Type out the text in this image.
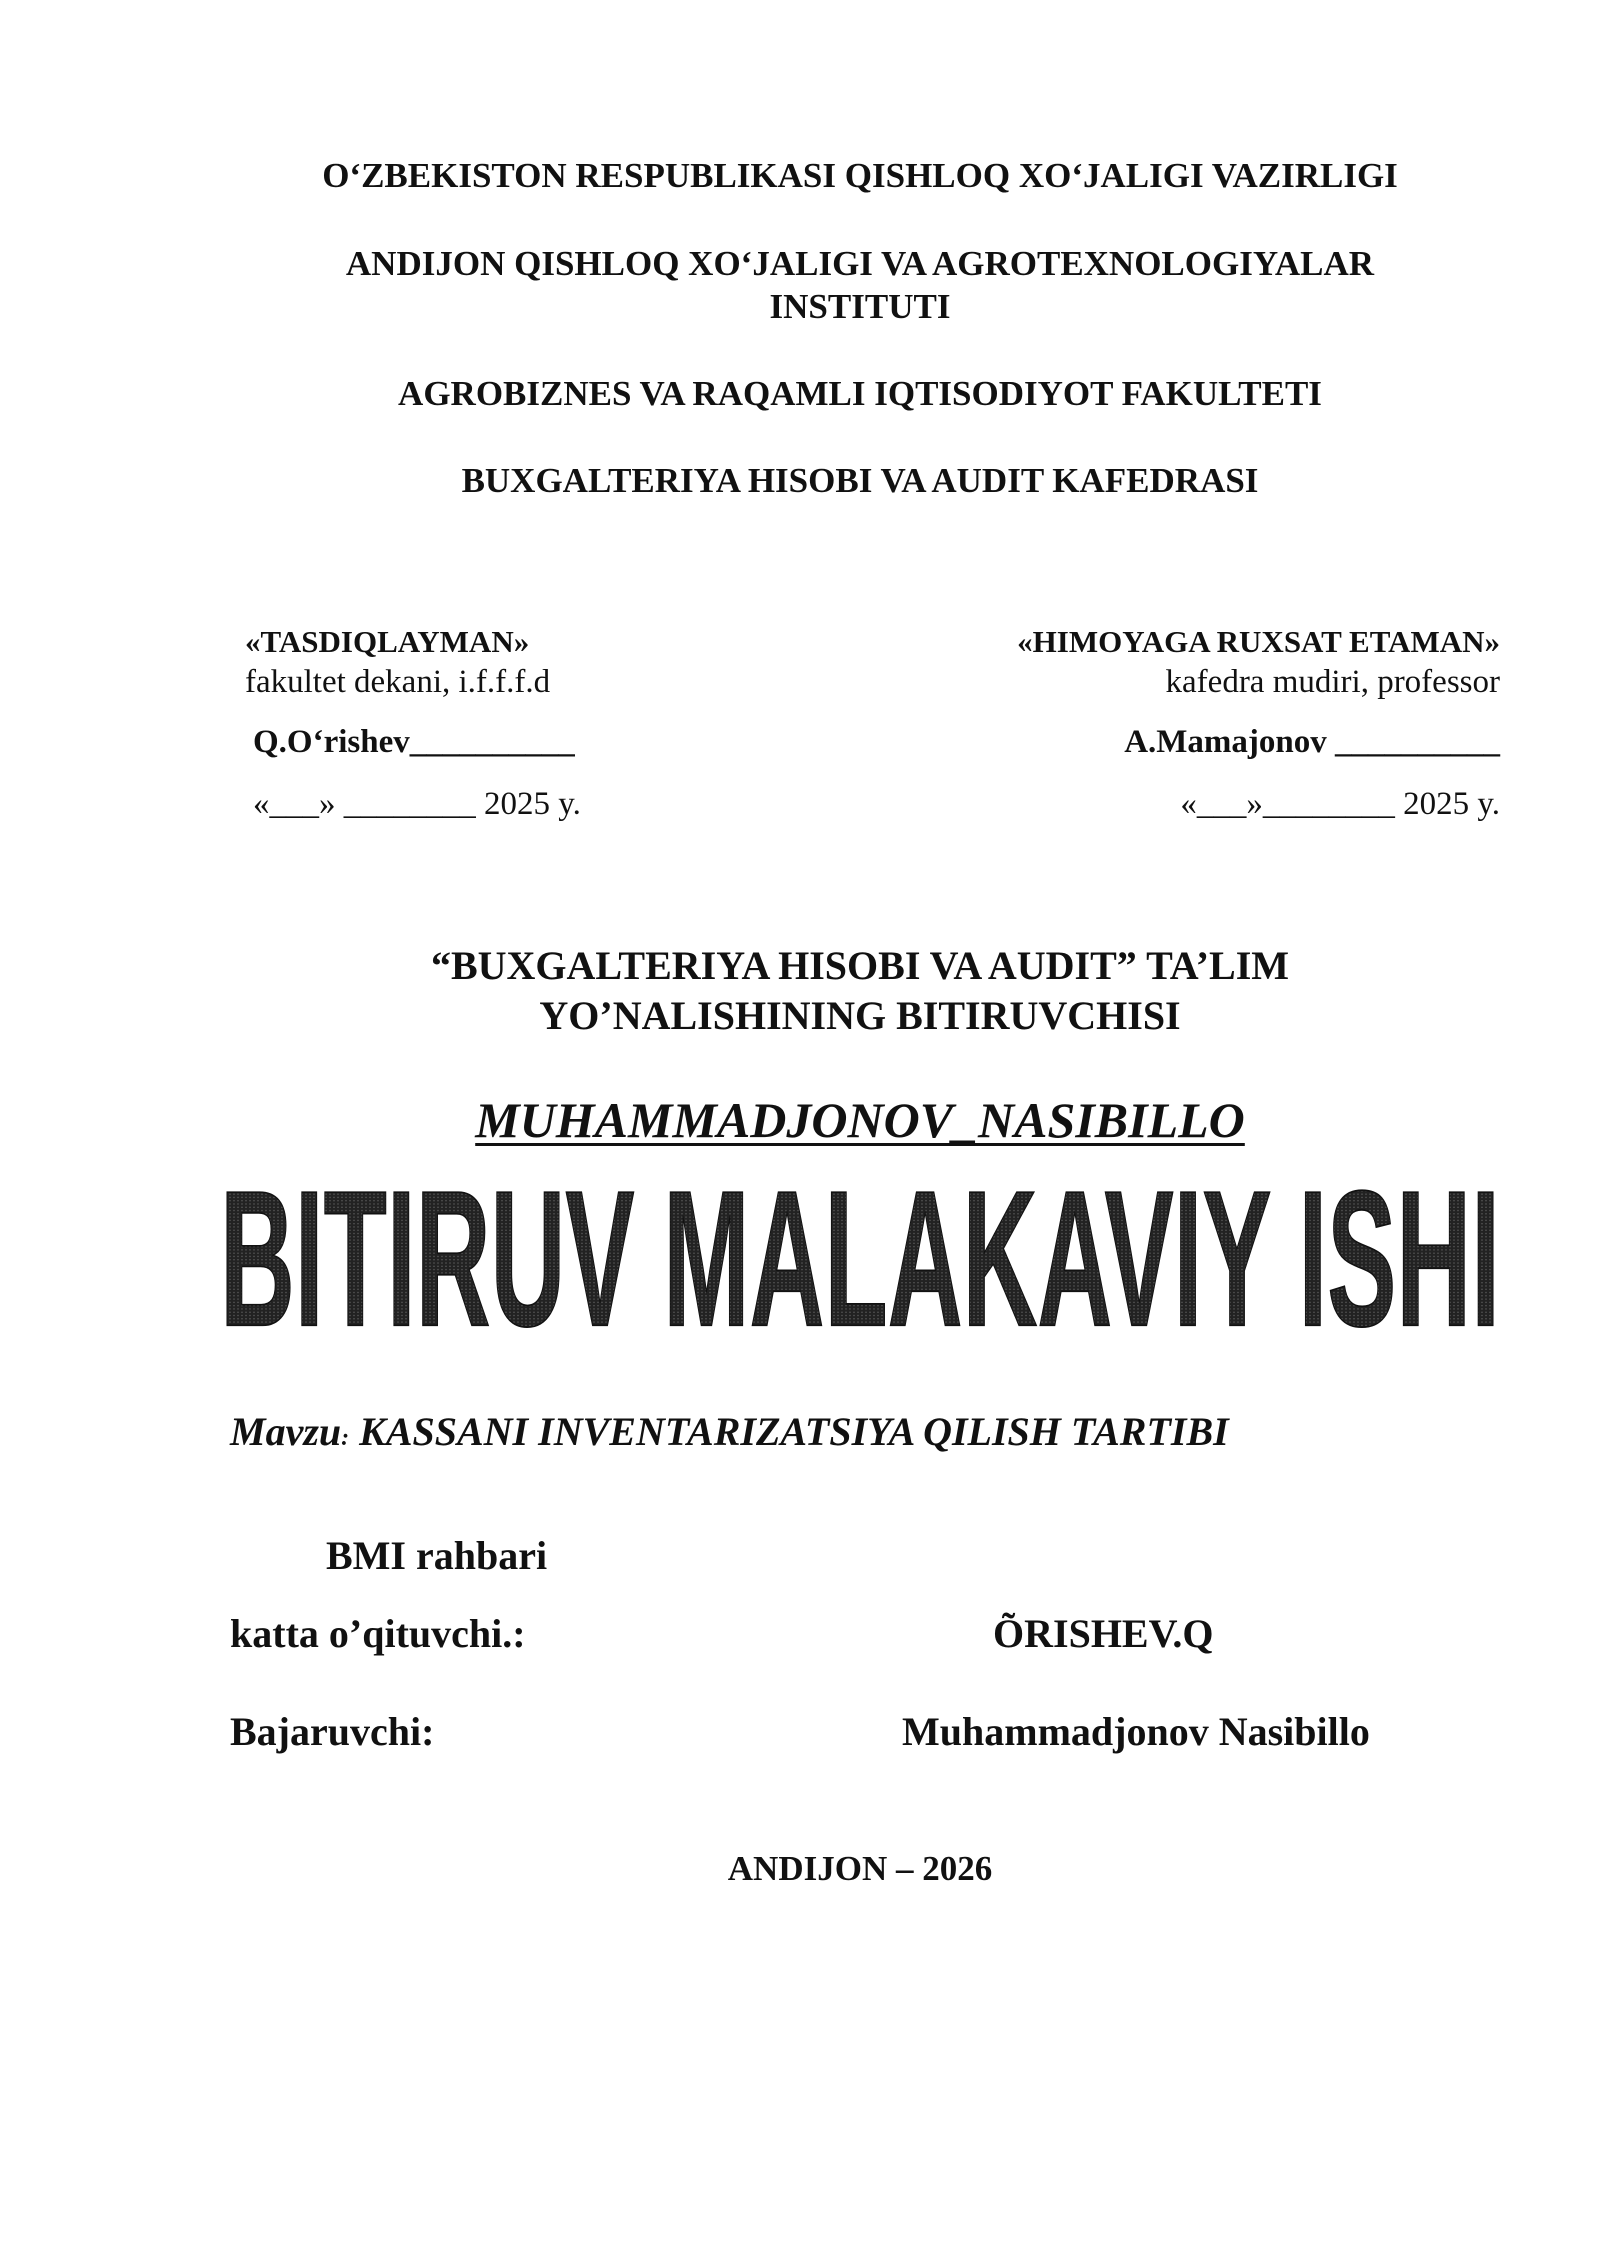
O‘ZBEKISTON RESPUBLIKASI QISHLOQ XO‘JALIGI VAZIRLIGI
ANDIJON QISHLOQ XO‘JALIGI VA AGROTEXNOLOGIYALAR
INSTITUTI
AGROBIZNES VA RAQAMLI IQTISODIYOT FAKULTETI
BUXGALTERIYA HISOBI VA AUDIT KAFEDRASI
«TASDIQLAYMAN»
fakultet dekani, i.f.f.f.d
Q.O‘rishev__________
«___» ________ 2025 y.
«HIMOYAGA RUXSAT ETAMAN»
kafedra mudiri, professor
A.Mamajonov __________
«___»________ 2025 y.
“BUXGALTERIYA HISOBI VA AUDIT” TA’LIM
YO’NALISHINING BITIRUVCHISI
MUHAMMADJONOV_NASIBILLO
BITIRUV MALAKAVIY ISHI
Mavzu: KASSANI INVENTARIZATSIYA QILISH TARTIBI
BMI rahbari
katta o’qituvchi.:	ÕRISHEV.Q
Bajaruvchi:	Muhammadjonov Nasibillo
ANDIJON – 2026
